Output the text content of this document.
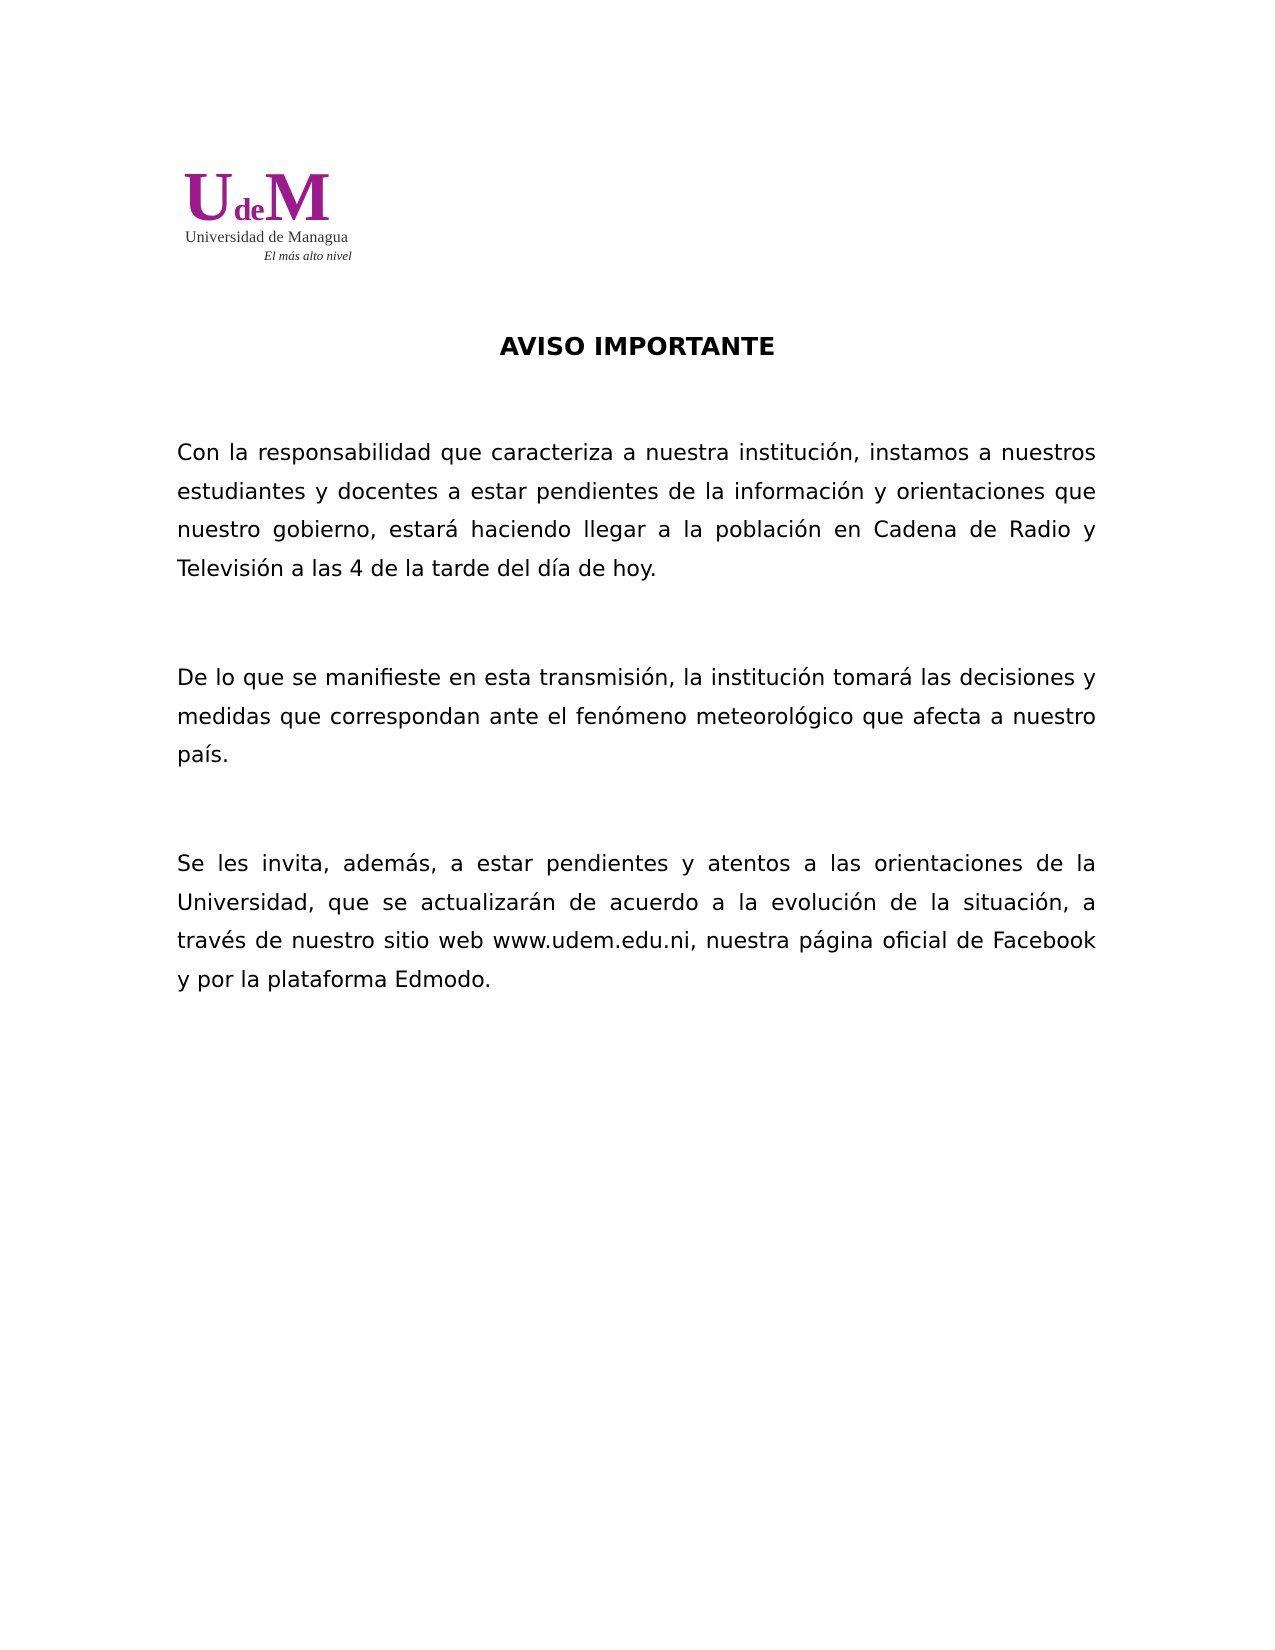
UdeM
Universidad de Managua
El más alto nivel
AVISO IMPORTANTE

Con la responsabilidad que caracteriza a nuestra institución, instamos a nuestros estudiantes y docentes a estar pendientes de la información y orientaciones que nuestro gobierno, estará haciendo llegar a la población en Cadena de Radio y Televisión a las 4 de la tarde del día de hoy.

De lo que se manifieste en esta transmisión, la institución tomará las decisiones y medidas que correspondan ante el fenómeno meteorológico que afecta a nuestro país.

Se les invita, además, a estar pendientes y atentos a las orientaciones de la Universidad, que se actualizarán de acuerdo a la evolución de la situación, a través de nuestro sitio web www.udem.edu.ni, nuestra página oficial de Facebook y por la plataforma Edmodo.
